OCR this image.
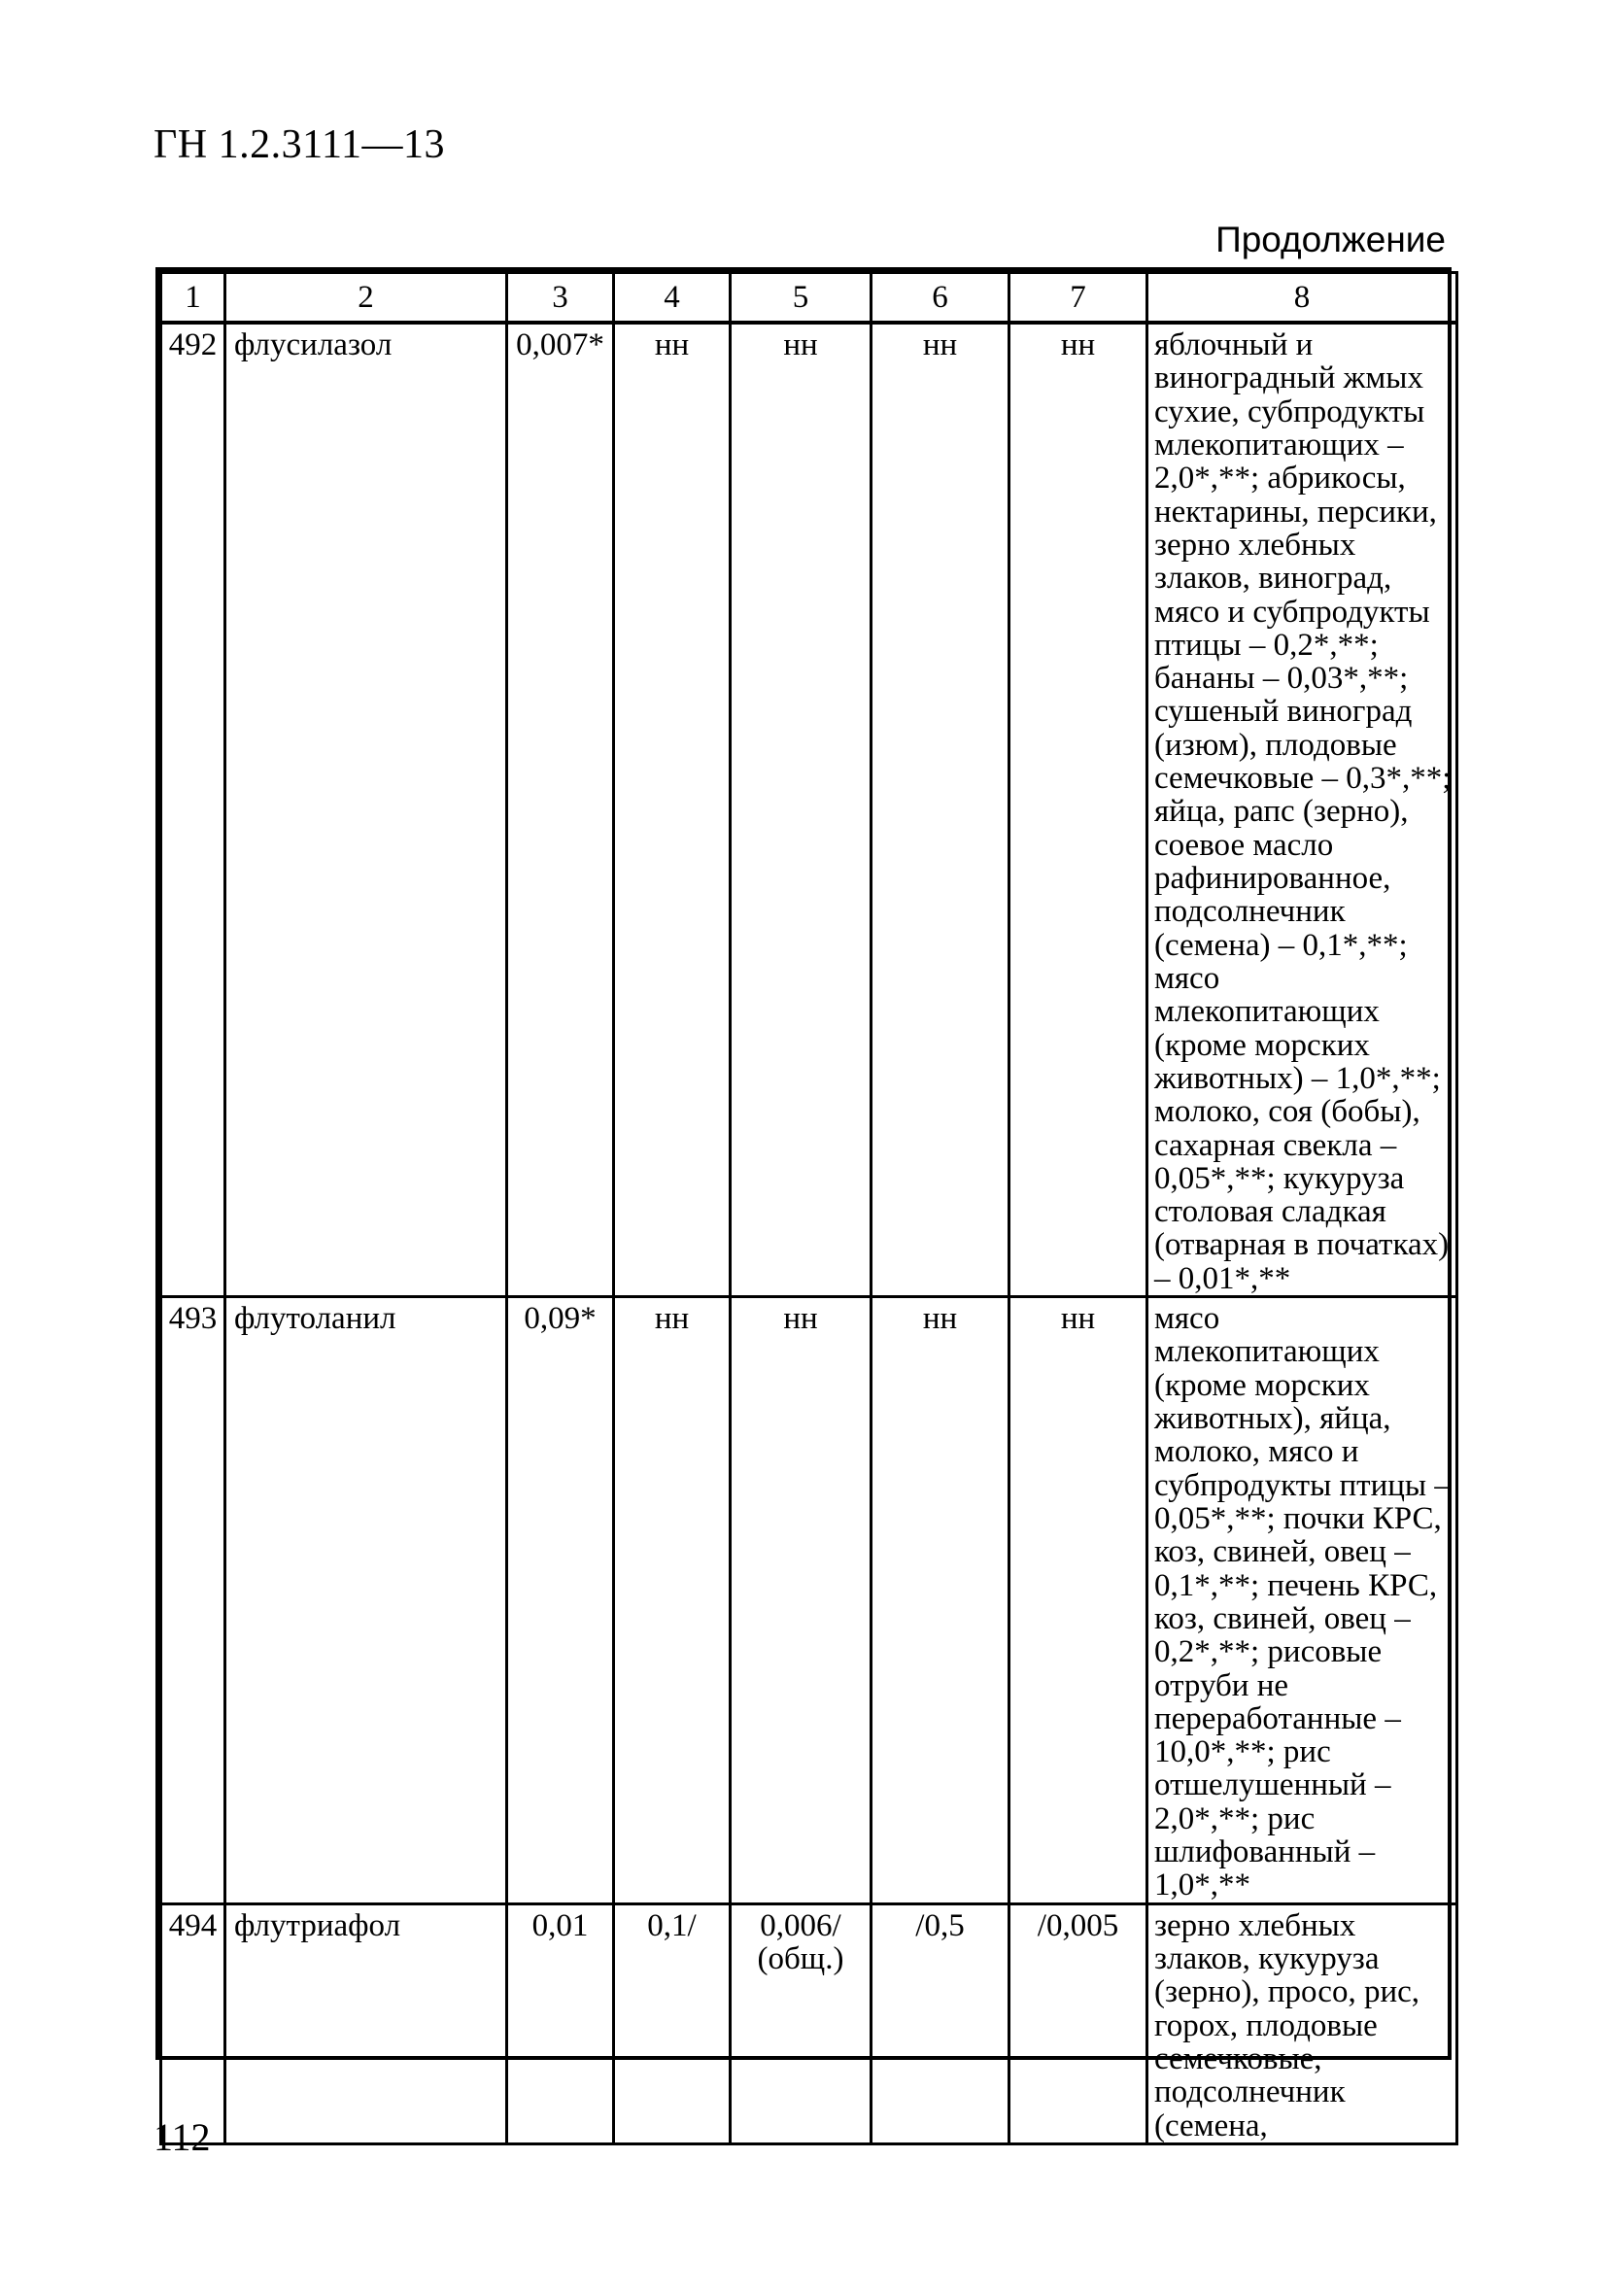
ГН 1.2.3111—13
Продолжение
1	2	3	4	5	6	7	8
492	флусилазол	0,007*	нн	нн	нн	нн	яблочный и виноградный жмых сухие, субпродукты млекопитающих – 2,0*,**; абрикосы, нектарины, персики, зерно хлебных злаков, виноград, мясо и субпродукты птицы – 0,2*,**; бананы – 0,03*,**; сушеный виноград (изюм), плодовые семечковые – 0,3*,**; яйца, рапс (зерно), соевое масло рафинированное, подсолнечник (семена) – 0,1*,**; мясо млекопитающих (кроме морских животных) – 1,0*,**; молоко, соя (бобы), сахарная свекла – 0,05*,**; кукуруза столовая сладкая (отварная в початках) – 0,01*,**
493	флутоланил	0,09*	нн	нн	нн	нн	мясо млекопитающих (кроме морских животных), яйца, молоко, мясо и субпродукты птицы – 0,05*,**; почки КРС, коз, свиней, овец – 0,1*,**; печень КРС, коз, свиней, овец – 0,2*,**; рисовые отруби не переработанные – 10,0*,**; рис отшелушенный – 2,0*,**; рис шлифованный – 1,0*,**
494	флутриафол	0,01	0,1/	0,006/ (общ.)	/0,5	/0,005	зерно хлебных злаков, кукуруза (зерно), просо, рис, горох, плодовые семечковые, подсолнечник (семена,
112
